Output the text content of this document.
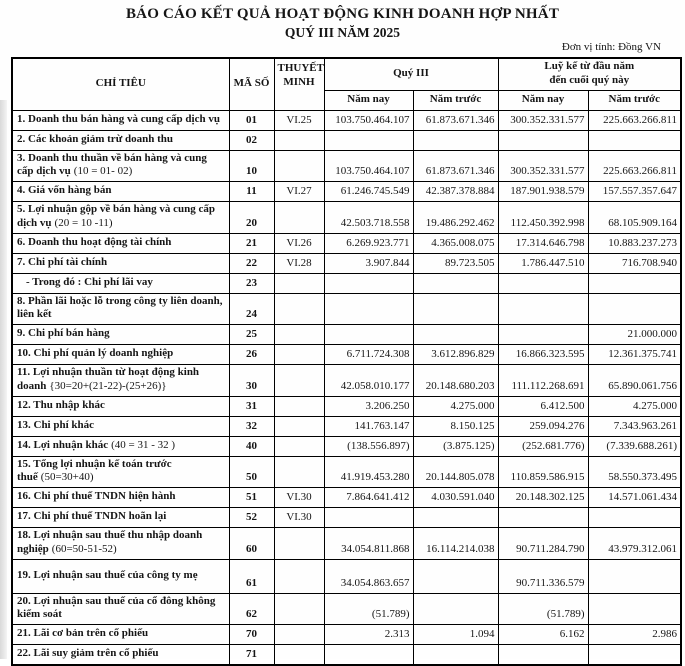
BÁO CÁO KẾT QUẢ HOẠT ĐỘNG KINH DOANH HỢP NHẤT
QUÝ III NĂM 2025
Đơn vị tính: Đồng VN
CHỈ TIÊU	MÃ SỐ	THUYẾT MINH	Quý III		Luỹ kế từ đầu năm
đến cuối quý này	

			Năm nay	Năm trước	Năm nay	Năm trước
1. Doanh thu bán hàng và cung cấp dịch vụ	01	VI.25	103.750.464.107	61.873.671.346	300.352.331.577	225.663.266.811
2. Các khoản giảm trừ doanh thu	02					
3. Doanh thu thuần về bán hàng và cung cấp dịch vụ (10 = 01- 02)	10		103.750.464.107	61.873.671.346	300.352.331.577	225.663.266.811
4. Giá vốn hàng bán	11	VI.27	61.246.745.549	42.387.378.884	187.901.938.579	157.557.357.647
5. Lợi nhuận gộp về bán hàng và cung cấp dịch vụ (20 = 10 -11)	20		42.503.718.558	19.486.292.462	112.450.392.998	68.105.909.164
6. Doanh thu hoạt động tài chính	21	VI.26	6.269.923.771	4.365.008.075	17.314.646.798	10.883.237.273
7. Chi phí tài chính	22	VI.28	3.907.844	89.723.505	1.786.447.510	716.708.940
- Trong đó : Chi phí lãi vay	23					
8. Phần lãi hoặc lỗ trong công ty liên doanh, liên kết	24					
9. Chi phí bán hàng	25					21.000.000
10. Chi phí quản lý doanh nghiệp	26		6.711.724.308	3.612.896.829	16.866.323.595	12.361.375.741
11. Lợi nhuận thuần từ hoạt động kinh doanh {30=20+(21-22)-(25+26)}	30		42.058.010.177	20.148.680.203	111.112.268.691	65.890.061.756
12. Thu nhập khác	31		3.206.250	4.275.000	6.412.500	4.275.000
13. Chi phí khác	32		141.763.147	8.150.125	259.094.276	7.343.963.261
14. Lợi nhuận khác (40 = 31 - 32 )	40		(138.556.897)	(3.875.125)	(252.681.776)	(7.339.688.261)
15. Tổng lợi nhuận kế toán trước thuế (50=30+40)	50		41.919.453.280	20.144.805.078	110.859.586.915	58.550.373.495
16. Chi phí thuế TNDN hiện hành	51	VI.30	7.864.641.412	4.030.591.040	20.148.302.125	14.571.061.434
17. Chi phí thuế TNDN hoãn lại	52	VI.30				
18. Lợi nhuận sau thuế thu nhập doanh nghiệp (60=50-51-52)	60		34.054.811.868	16.114.214.038	90.711.284.790	43.979.312.061
19. Lợi nhuận sau thuế của công ty mẹ	61		34.054.863.657		90.711.336.579	
20. Lợi nhuận sau thuế của cổ đông không kiểm soát	62		(51.789)		(51.789)	
21. Lãi cơ bản trên cổ phiếu	70		2.313	1.094	6.162	2.986
22. Lãi suy giảm trên cổ phiếu	71					
